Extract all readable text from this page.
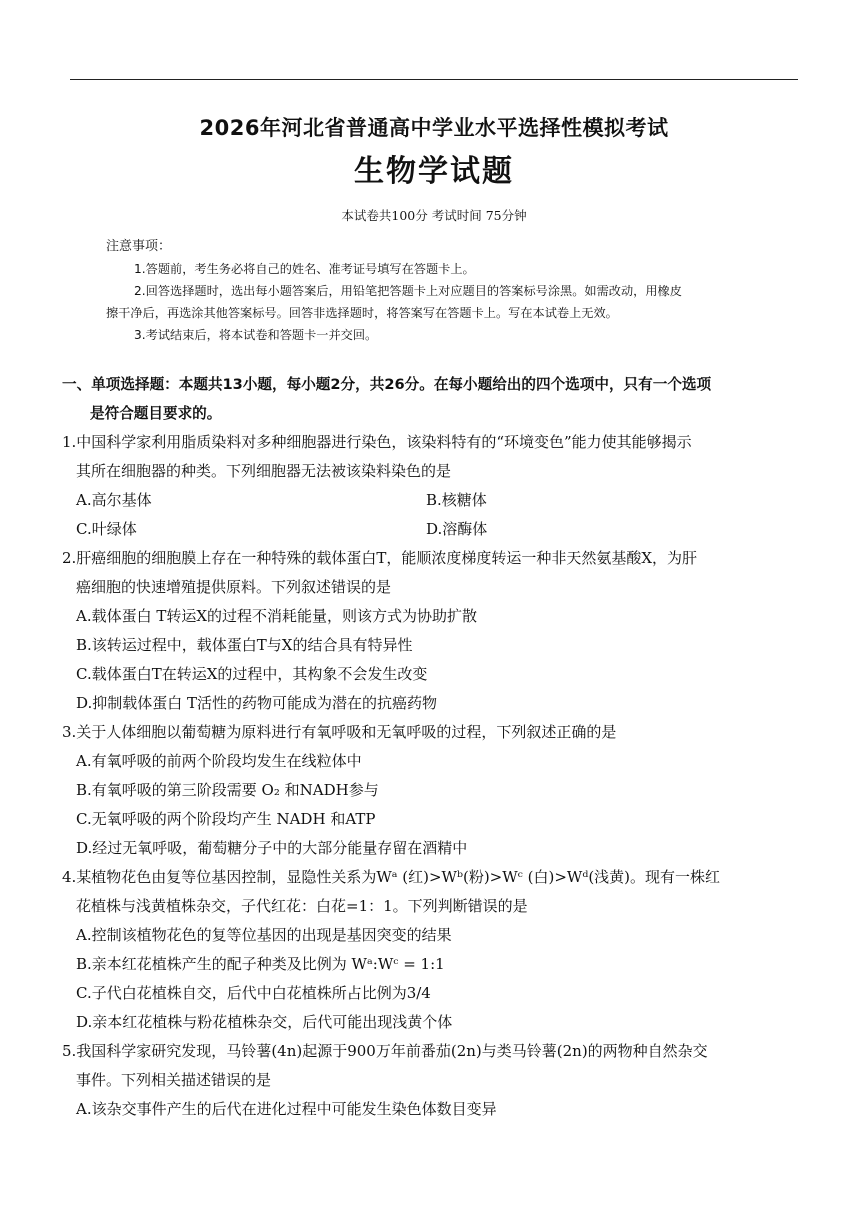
2026年河北省普通高中学业水平选择性模拟考试
生物学试题
本试卷共100分 考试时间 75分钟
注意事项：
1.答题前，考生务必将自己的姓名、准考证号填写在答题卡上。
2.回答选择题时，选出每小题答案后，用铅笔把答题卡上对应题目的答案标号涂黑。如需改动，用橡皮
擦干净后，再选涂其他答案标号。回答非选择题时，将答案写在答题卡上。写在本试卷上无效。
3.考试结束后，将本试卷和答题卡一并交回。
一、单项选择题：本题共13小题，每小题2分，共26分。在每小题给出的四个选项中，只有一个选项
是符合题目要求的。
1.中国科学家利用脂质染料对多种细胞器进行染色，该染料特有的“环境变色”能力使其能够揭示
其所在细胞器的种类。下列细胞器无法被该染料染色的是
A.高尔基体	B.核糖体
C.叶绿体	D.溶酶体
2.肝癌细胞的细胞膜上存在一种特殊的载体蛋白T，能顺浓度梯度转运一种非天然氨基酸X，为肝
癌细胞的快速增殖提供原料。下列叙述错误的是
A.载体蛋白 T转运X的过程不消耗能量，则该方式为协助扩散
B.该转运过程中，载体蛋白T与X的结合具有特异性
C.载体蛋白T在转运X的过程中，其构象不会发生改变
D.抑制载体蛋白 T活性的药物可能成为潜在的抗癌药物
3.关于人体细胞以葡萄糖为原料进行有氧呼吸和无氧呼吸的过程，下列叙述正确的是
A.有氧呼吸的前两个阶段均发生在线粒体中
B.有氧呼吸的第三阶段需要 O₂ 和NADH参与
C.无氧呼吸的两个阶段均产生 NADH 和ATP
D.经过无氧呼吸，葡萄糖分子中的大部分能量存留在酒精中
4.某植物花色由复等位基因控制，显隐性关系为Wᵃ (红)>Wᵇ(粉)>Wᶜ (白)>Wᵈ(浅黄)。现有一株红
花植株与浅黄植株杂交，子代红花：白花=1：1。下列判断错误的是
A.控制该植物花色的复等位基因的出现是基因突变的结果
B.亲本红花植株产生的配子种类及比例为 Wᵃ:Wᶜ = 1:1
C.子代白花植株自交，后代中白花植株所占比例为3/4
D.亲本红花植株与粉花植株杂交，后代可能出现浅黄个体
5.我国科学家研究发现，马铃薯(4n)起源于900万年前番茄(2n)与类马铃薯(2n)的两物种自然杂交
事件。下列相关描述错误的是
A.该杂交事件产生的后代在进化过程中可能发生染色体数目变异
